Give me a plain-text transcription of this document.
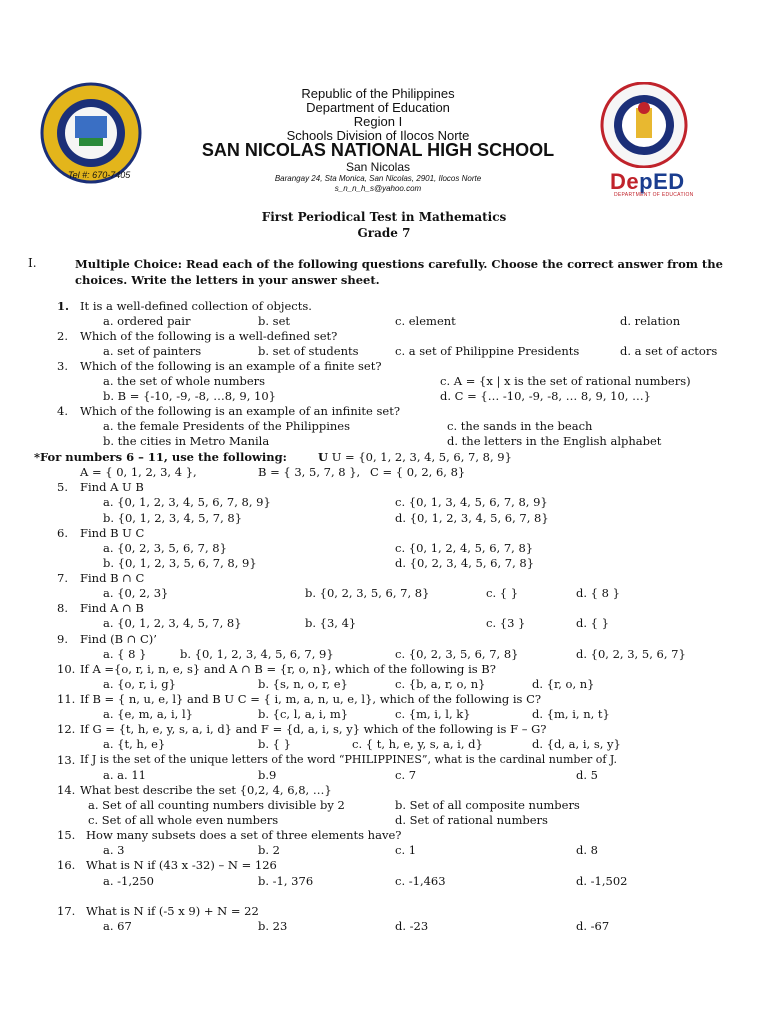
Republic of the Philippines
Department of Education
Region I
Schools Division of Ilocos Norte
SAN NICOLAS NATIONAL HIGH SCHOOL
San Nicolas
Barangay 24, Sta Monica, San Nicolas, 2901, Ilocos Norte
s_n_n_h_s@yahoo.com
Tel #: 670-7405	DepED
DEPARTMENT OF EDUCATION
First Periodical Test in Mathematics
Grade 7
I.	Multiple Choice: Read each of the following questions carefully. Choose the correct answer from the choices. Write the letters in your answer sheet.
1. It is a well-defined collection of objects.
a. ordered pair	b. set	c. element	d. relation
2. Which of the following is a well-defined set?
a. set of painters	b. set of students	c. a set of Philippine Presidents	d. a set of actors
3. Which of the following is an example of a finite set?
a. the set of whole numbers	c. A = {x | x is the set of rational numbers)
b. B = {-10, -9, -8, …8, 9, 10}	d. C = {… -10, -9, -8, … 8, 9, 10, …}
4. Which of the following is an example of an infinite set?
a. the female Presidents of the Philippines	c. the sands in the beach
b. the cities in Metro Manila	d. the letters in the English alphabet
*For numbers 6 – 11, use the following:	U U = {0, 1, 2, 3, 4, 5, 6, 7, 8, 9}
A = { 0, 1, 2, 3, 4 },	B = { 3, 5, 7, 8 }, C = { 0, 2, 6, 8}
5. Find A U B
a. {0, 1, 2, 3, 4, 5, 6, 7, 8, 9}	c. {0, 1, 3, 4, 5, 6, 7, 8, 9}
b. {0, 1, 2, 3, 4, 5, 7, 8}	d. {0, 1, 2, 3, 4, 5, 6, 7, 8}
6. Find B U C
a. {0, 2, 3, 5, 6, 7, 8}	c. {0, 1, 2, 4, 5, 6, 7, 8}
b. {0, 1, 2, 3, 5, 6, 7, 8, 9}	d. {0, 2, 3, 4, 5, 6, 7, 8}
7. Find B ∩ C
a. {0, 2, 3}	b. {0, 2, 3, 5, 6, 7, 8}	c. { }	d. { 8 }
8. Find A ∩ B
a. {0, 1, 2, 3, 4, 5, 7, 8}	b. {3, 4}	c. {3 }	d. { }
9. Find (B ∩ C)’
a. { 8 }	b. {0, 1, 2, 3, 4, 5, 6, 7, 9}	c. {0, 2, 3, 5, 6, 7, 8}	d. {0, 2, 3, 5, 6, 7}
10. If A ={o, r, i, n, e, s} and A ∩ B = {r, o, n}, which of the following is B?
a. {o, r, i, g}	b. {s, n, o, r, e}	c. {b, a, r, o, n}	d. {r, o, n}
11. If B = { n, u, e, l} and B U C = { i, m, a, n, u, e, l}, which of the following is C?
a. {e, m, a, i, l}	b. {c, l, a, i, m}	c. {m, i, l, k}	d. {m, i, n, t}
12. If G = {t, h, e, y, s, a, i, d} and F = {d, a, i, s, y} which of the following is F – G?
a. {t, h, e}	b. { }	c. { t, h, e, y, s, a, i, d}	d. {d, a, i, s, y}
13. If J is the set of the unique letters of the word “PHILIPPINES”, what is the cardinal number of J.
a. a. 11	b.9	c. 7	d. 5
14. What best describe the set {0,2, 4, 6,8, …}
a. Set of all counting numbers divisible by 2	b. Set of all composite numbers
c. Set of all whole even numbers	d. Set of rational numbers
15. How many subsets does a set of three elements have?
a. 3	b. 2	c. 1	d. 8
16. What is N if (43 x -32) – N = 126
a. -1,250	b. -1, 376	c. -1,463	d. -1,502
17. What is N if (-5 x 9) + N = 22
a. 67	b. 23	d. -23	d. -67
